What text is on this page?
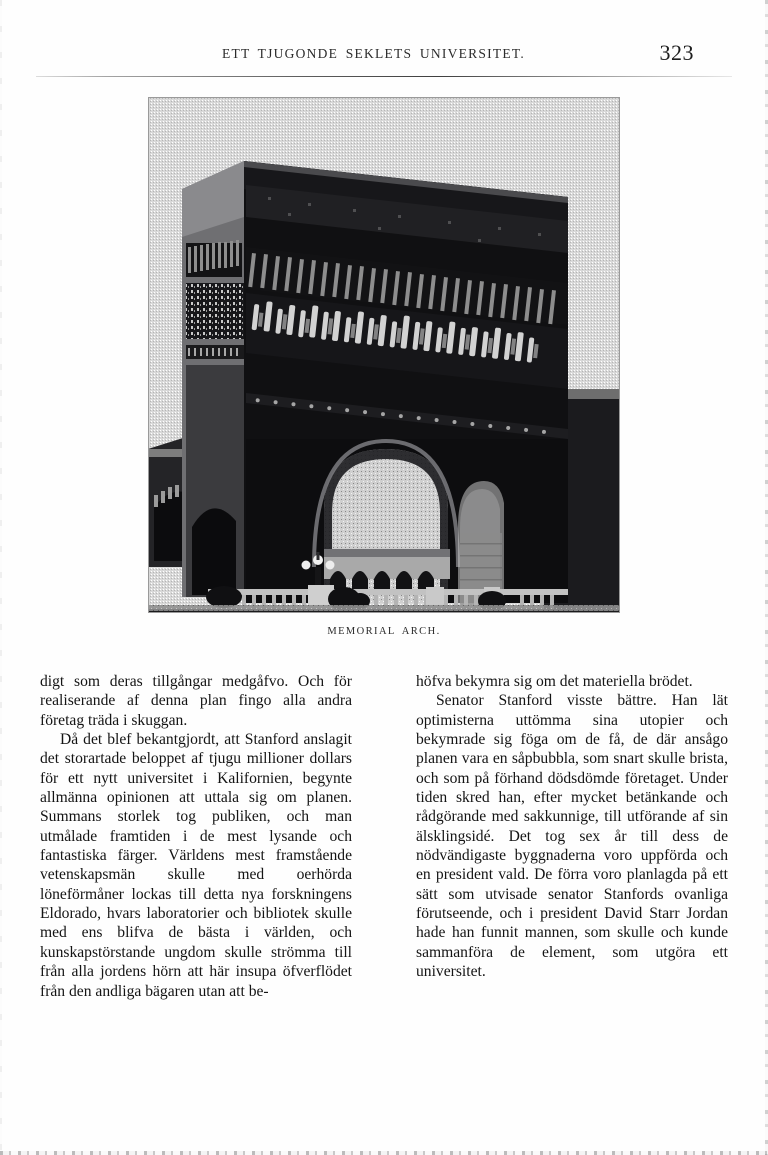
ETT TJUGONDE SEKLETS UNIVERSITET.	323
MEMORIAL ARCH.

digt som deras tillgångar medgåfvo. Och för realiserande af denna plan fingo alla andra företag träda i skuggan.

Då det blef bekantgjordt, att Stanford anslagit det storartade beloppet af tjugu millioner dollars för ett nytt universitet i Kalifornien, begynte allmänna opinionen att uttala sig om planen. Summans storlek tog publiken, och man utmålade framtiden i de mest lysande och fantastiska färger. Världens mest framstående vetenskapsmän skulle med oerhörda löneförmåner lockas till detta nya forskningens Eldorado, hvars laboratorier och bibliotek skulle med ens blifva de bästa i världen, och kunskapstörstande ungdom skulle strömma till från alla jordens hörn att här insupa öfverflödet från den andliga bägaren utan att be-

höfva bekymra sig om det materiella brödet.

Senator Stanford visste bättre. Han lät optimisterna uttömma sina utopier och bekymrade sig föga om de få, de där ansågo planen vara en såpbubbla, som snart skulle brista, och som på förhand dödsdömde företaget. Under tiden skred han, efter mycket betänkande och rådgörande med sakkunnige, till utförande af sin älsklingsidé. Det tog sex år till dess de nödvändigaste byggnaderna voro uppförda och en president vald. De förra voro planlagda på ett sätt som utvisade senator Stanfords ovanliga förutseende, och i president David Starr Jordan hade han funnit mannen, som skulle och kunde sammanföra de element, som utgöra ett universitet.
